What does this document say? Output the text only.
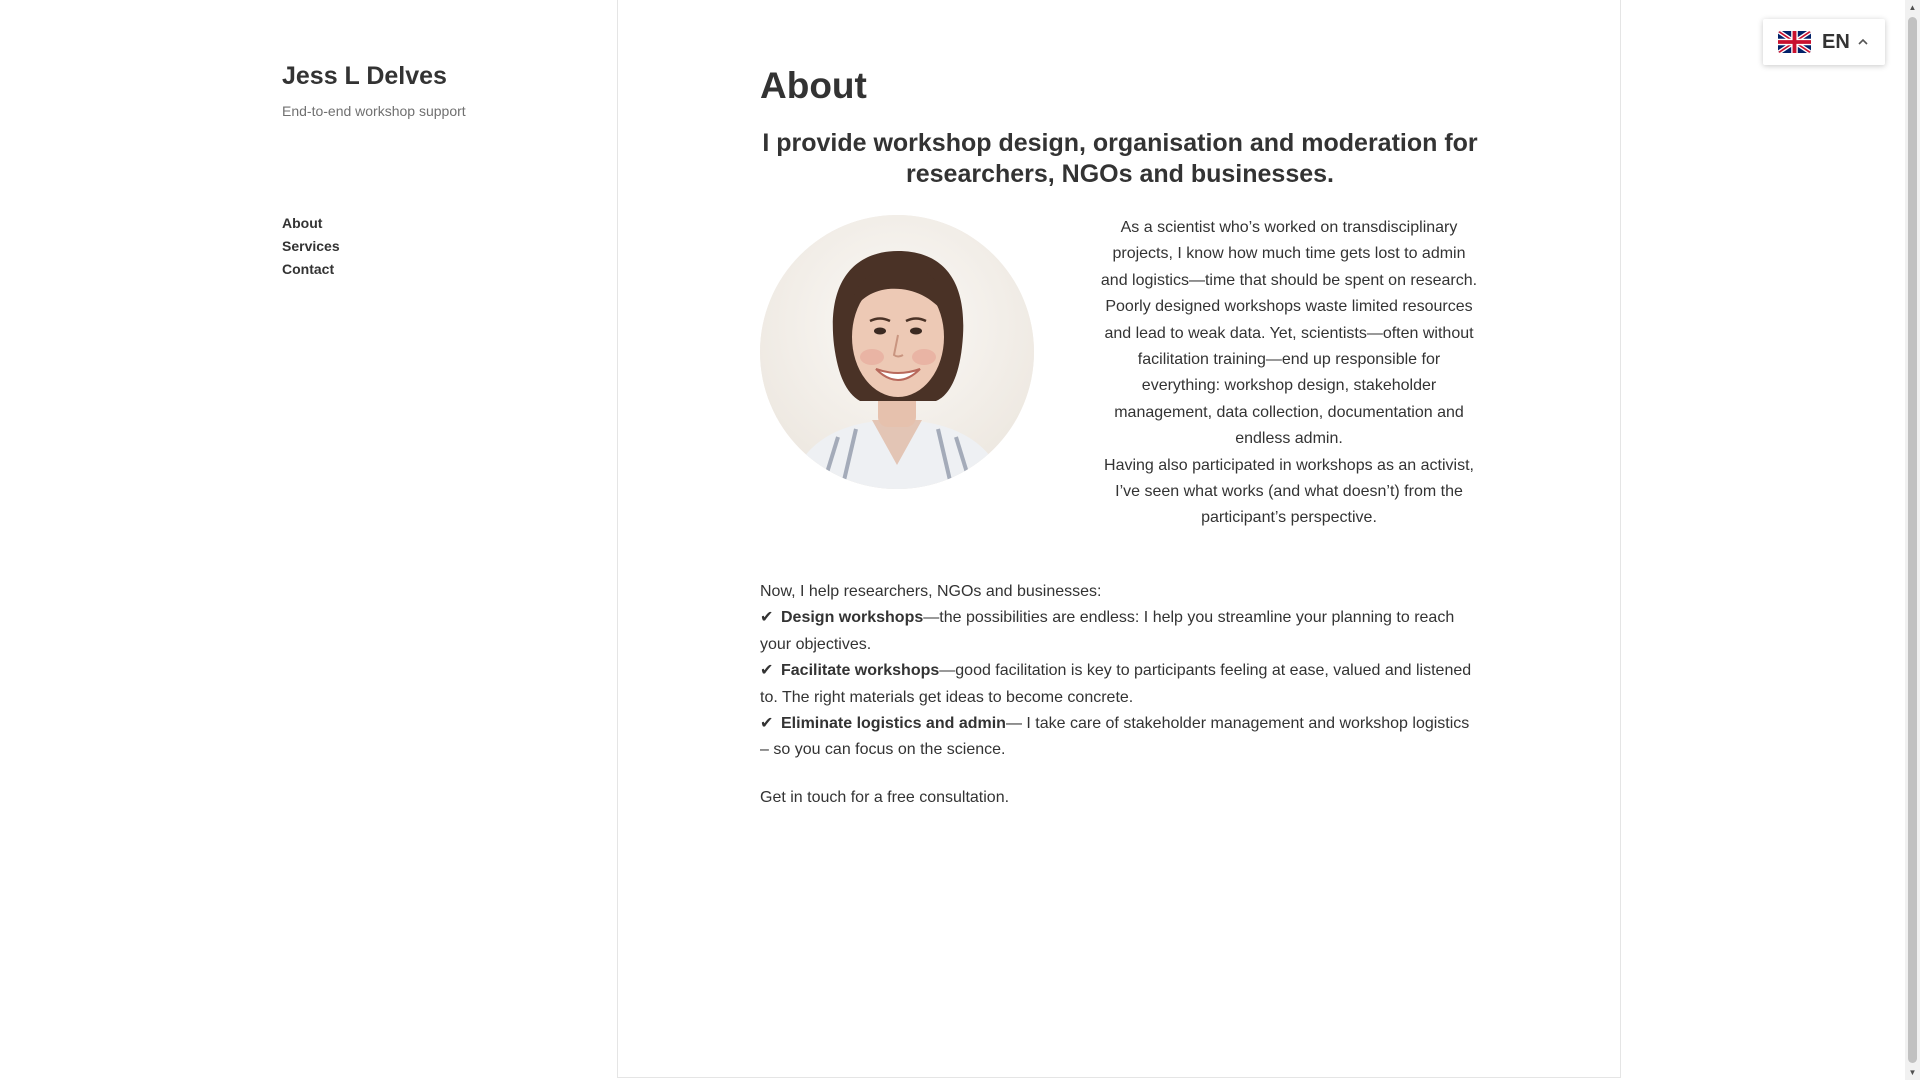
Jess L Delves

End-to-end workshop support

About
Services
Contact
About
I provide workshop design, organisation and moderation for researchers, NGOs and businesses.

As a scientist who’s worked on transdisciplinary projects, I know how much time gets lost to admin and logistics—time that should be spent on research. Poorly designed workshops waste limited resources and lead to weak data. Yet, scientists—often without facilitation training—end up responsible for everything: workshop design, stakeholder management, data collection, documentation and endless admin.

Having also participated in workshops as an activist, I’ve seen what works (and what doesn’t) from the participant’s perspective.

Now, I help researchers, NGOs and businesses:

✔ Design workshops—the possibilities are endless: I help you streamline your planning to reach your objectives.

✔ Facilitate workshops—good facilitation is key to participants feeling at ease, valued and listened to. The right materials get ideas to become concrete.

✔ Eliminate logistics and admin— I take care of stakeholder management and workshop logistics – so you can focus on the science.

Get in touch for a free consultation.

EN
▲
▼
